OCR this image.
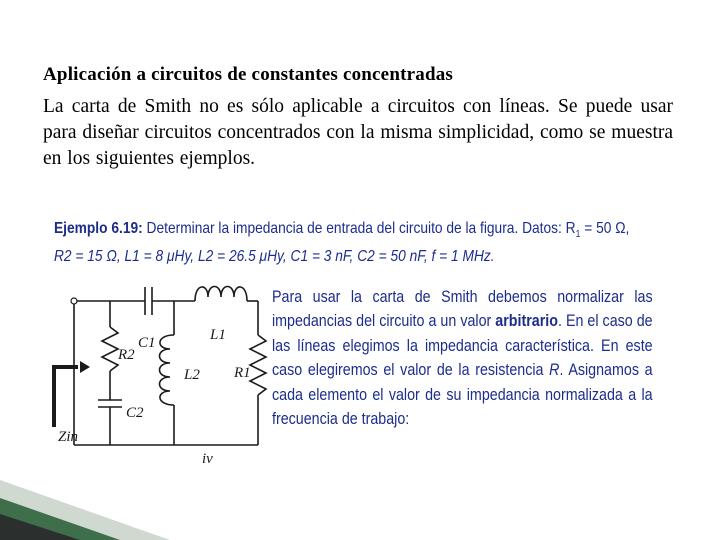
Aplicación a circuitos de constantes concentradas
La carta de Smith no es sólo aplicable a circuitos con líneas. Se puede usar para diseñar circuitos concentrados con la misma simplicidad, como se muestra en los siguientes ejemplos.
Ejemplo 6.19: Determinar la impedancia de entrada del circuito de la figura. Datos: $R_1 = 50$ Ω,
R2 = 15 Ω, L1 = 8 μHy, L2 = 26.5 μHy, C1 = 3 nF, C2 = 50 nF, f = 1 MHz.
Para usar la carta de Smith debemos normalizar las impedancias del circuito a un valor arbitrario. En el caso de las líneas elegimos la impedancia característica. En este caso elegiremos el valor de la resistencia R. Asignamos a cada elemento el valor de su impedancia normalizada a la frecuencia de trabajo:
C1	L1
R2
L2 R1
C2
Zin
iv
